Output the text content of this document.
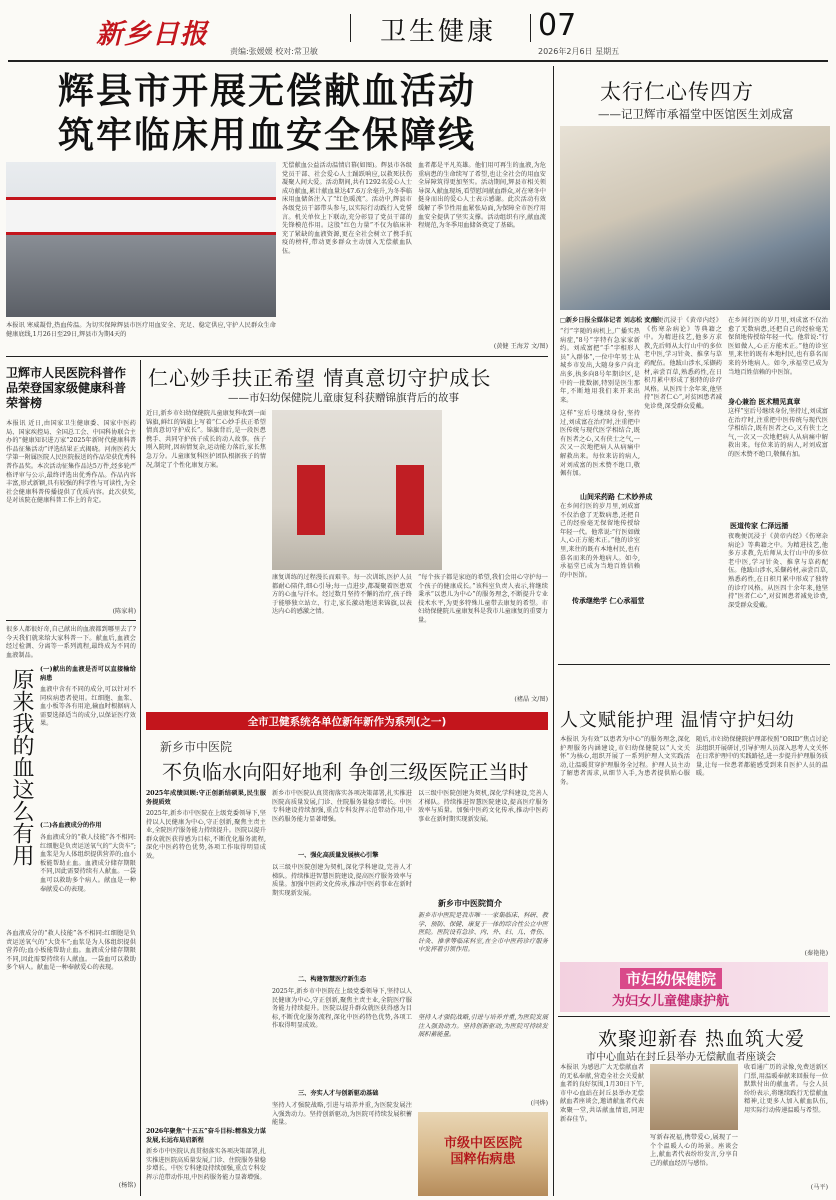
新乡日报	卫生健康 07
责编:张媛媛 校对:常卫敏	2026年2月6日 星期五
辉县市开展无偿献血活动
筑牢临床用血安全保障线
本报讯 寒威凝骨,热血传温。为切实保障辉县市医疗用血安全、充足、稳定供应,守护人民群众生命健康底线,1月26日至29日,辉县市为期4天的
无偿献血公益活动温情启幕(如图)。辉县市各级党员干部、社会爱心人士踊跃响应,以救死扶伤凝聚人间大爱。活动期间,共有1292名爱心人士成功献血,累计献血量达47.6万余毫升,为冬季临床用血储备注入了“红色暖流”。活动中,辉县市各级党员干部带头参与,以实际行动践行入党誓言。机关单位上下联动,充分彰显了党员干部的先锋模范作用。这股“红色力量”不仅为临床补充了紧缺的血液资源,更在全社会树立了携手抗疫的榜样,带动更多群众主动加入无偿献血队伍。
血者都是平凡英雄。他们用可再生的血液,为危重病患的生命续写了希望,也让全社会的用血安全屏障筑得更加坚实。活动期间,辉县市相关领导深入献血现场,看望慰问献血群众,对在寒冬中挺身而出的爱心人士表示感谢。此次活动有效缓解了季节性用血紧张局面,为保障全市医疗用血安全提供了坚实支撑。活动组织有序,献血流程规范,为冬季用血储备奠定了基础。
(黄健 王海芳 文/图)
太行仁心传四方
——记卫辉市承福堂中医馆医生刘成富
□新乡日报全媒体记者 刘志松 文/图
“行”字随的病机上,广播实热病症,“8号”字特有急家家新约。刘成富把“手”字相形人员”入群体”,一位中年男士从城乡市发出,大随身多户向北出多,执多向8号年期诊区,是中的一批数据,特别是医生那年,不断地用我们来开来出来。
这样”室后号继续身份,坚持过,刘成富在治疗时,注重把中医传统与现代医学相结合,既有医者之心,又有侠士之气,一次又一次地把病人从病痛中解救出来。每位来访的病人,对刘成富的医术赞不绝口,敬佩有加。
身心兼治 医术精见真章
山间采药路 仁术妙养成
在乡间行医的岁月里,刘成富不仅治愈了无数病患,还把自己的经验毫无保留地传授给年轻一代。他常说:“行医如做人,心正方能术正。”他的诊室里,来往的既有本地村民,也有慕名而来的外地病人。如今,承福堂已成为当地百姓信赖的中医馆。
传承继绝学 仁心承福堂
医道传家 仁泽远播
夜晚便沉浸于《黄帝内经》《伤寒杂病论》等典籍之中。为精进技艺,他多方求教,先后师从太行山中的多位老中医,学习针灸、推拿与草药配伍。他跋山涉水,采撷药材,亲尝百草,熟悉药性,在日积月累中形成了独特的诊疗风格。从医四十余年来,他坚持“医者仁心”,对贫困患者减免诊费,深受群众爱戴。
在乡间行医的岁月里,刘成富不仅治愈了无数病患,还把自己的经验毫无保留地传授给年轻一代。他常说:“行医如做人,心正方能术正。”他的诊室里,来往的既有本地村民,也有慕名而来的外地病人。如今,承福堂已成为当地百姓信赖的中医馆。
这样”室后号继续身份,坚持过,刘成富在治疗时,注重把中医传统与现代医学相结合,既有医者之心,又有侠士之气,一次又一次地把病人从病痛中解救出来。每位来访的病人,对刘成富的医术赞不绝口,敬佩有加。
夜晚便沉浸于《黄帝内经》《伤寒杂病论》等典籍之中。为精进技艺,他多方求教,先后师从太行山中的多位老中医,学习针灸、推拿与草药配伍。他跋山涉水,采撷药材,亲尝百草,熟悉药性,在日积月累中形成了独特的诊疗风格。从医四十余年来,他坚持“医者仁心”,对贫困患者减免诊费,深受群众爱戴。
卫辉市人民医院科普作品荣登国家级健康科普荣誉榜
本报讯 近日,由国家卫生健康委、国家中医药局、国家疾控局、全国总工会、中国科协联合主办的“健康知识进万家”2025年新时代健康科普作品征集活动”评选结果正式揭晓。河南医药大学第一附属医院人民医院报送的作品荣获优秀科普作品奖。本次活动征集作品达5万件,经多轮严格评审与公示,最终评选出优秀作品。作品内容丰富,形式新颖,具有较强的科学性与可读性,为全社会健康科普传播提供了优质内容。此次获奖,是对该院在健康科普工作上的肯定。
(陈家莉)
很多人都很好奇,自己献出的血液都到哪里去了?今天我们就来给大家科普一下。献血后,血液会经过检测、分离等一系列流程,最终成为不同的血液制品。
原来我的血这么有用 (一)献出的血液是否可以直接输给病患
血液中含有不同的成分,可以针对不同疾病患者使用。红细胞、血浆、血小板等各有用途,输血时根据病人需要选择适当的成分,以保证医疗效果。
(二)各血液成分的作用
各血液成分的“救人技能”各不相同:红细胞是负责运送氧气的“大货车”;血浆是为人体组织提供营养的;血小板能帮助止血。血液成分储存期限不同,因此需要持续有人献血。一袋血可以救助多个病人。献血是一种奉献爱心的表现。
各血液成分的“救人技能”各不相同:红细胞是负责运送氧气的“大货车”;血浆是为人体组织提供营养的;血小板能帮助止血。血液成分储存期限不同,因此需要持续有人献血。一袋血可以救助多个病人。献血是一种奉献爱心的表现。
(杨铭)
仁心妙手扶正希望 情真意切守护成长
——市妇幼保健院儿童康复科获赠锦旗背后的故事
近日,新乡市妇幼保健院儿童康复科收到一面锦旗,鲜红的锦旗上写着“仁心妙手扶正希望 情真意切守护成长”。锦旗背后,是一段医患携手、共同守护孩子成长的动人故事。孩子刚入院时,因病情复杂,运动能力落后,家长焦急万分。儿童康复科医护团队根据孩子的情况,制定了个性化康复方案。
康复训练的过程漫长而艰辛。每一次训练,医护人员都耐心陪伴,细心引导;每一点进步,都凝聚着医患双方的心血与汗水。经过数月坚持不懈的治疗,孩子终于能够独立站立、行走,家长激动地送来锦旗,以表达内心的感激之情。
“每个孩子都是家庭的希望,我们会用心守护每一个孩子的健康成长。”该科室负责人表示,将继续秉承“以患儿为中心”的服务理念,不断提升专业技术水平,为更多特殊儿童带去康复的希望。市妇幼保健院儿童康复科是我市儿童康复的重要力量。
(褚晶 文/图)
全市卫健系统各单位新年新作为系列(之一)
新乡市中医院
不负临水向阳好地利 争创三级医院正当时
2025年成绩回顾:守正创新结硕果,民生服务提质效
2025年,新乡市中医院在上级党委领导下,坚持以人民健康为中心,守正创新,聚焦主责主业,全院医疗服务能力持续提升。医院以提升群众就医获得感为目标,不断优化服务流程,深化中医药特色优势,各项工作取得明显成效。
2026年聚焦“十五五”奋斗目标:精准发力谋发展,长远布局启新程
新乡市中医院认真贯彻落实各项决策部署,扎实推进医院高质量发展,门诊、住院服务量稳步增长。中医专科建设持续加强,重点专科发挥示范带动作用,中医药服务能力显著增强。
新乡市中医院认真贯彻落实各项决策部署,扎实推进医院高质量发展,门诊、住院服务量稳步增长。中医专科建设持续加强,重点专科发挥示范带动作用,中医药服务能力显著增强。
一、强化高质量发展核心引擎
以三级中医院创建为契机,深化学科建设,完善人才梯队。持续推进智慧医院建设,提高医疗服务效率与质量。加强中医药文化传承,推动中医药事业在新时期实现新发展。
二、构建智慧医疗新生态
2025年,新乡市中医院在上级党委领导下,坚持以人民健康为中心,守正创新,聚焦主责主业,全院医疗服务能力持续提升。医院以提升群众就医获得感为目标,不断优化服务流程,深化中医药特色优势,各项工作取得明显成效。
三、夯实人才与创新驱动基础
坚持人才强院战略,引进与培养并重,为医院发展注入强劲动力。坚持创新驱动,为医院可持续发展积蓄能量。
以三级中医院创建为契机,深化学科建设,完善人才梯队。持续推进智慧医院建设,提高医疗服务效率与质量。加强中医药文化传承,推动中医药事业在新时期实现新发展。
新乡市中医院简介
新乡市中医院是我市唯一一家集临床、科研、教学、预防、保健、康复于一体的综合性公立中医医院。医院设有急诊、内、外、妇、儿、骨伤、针灸、推拿等临床科室,在全市中医药诊疗服务中发挥着引领作用。
坚持人才强院战略,引进与培养并重,为医院发展注入强劲动力。坚持创新驱动,为医院可持续发展积蓄能量。
(闫烨)
市级中医医院
国粹佑病患
人文赋能护理 温情守护妇幼
本报讯 为有效“以患者为中心”的服务理念,深化护理服务内涵建设,市妇幼保健院以“人文关怀”为核心,组织开展了一系列护理人文实践活动,让温暖贯穿护理服务全过程。护理人员主动了解患者需求,从细节入手,为患者提供贴心服务。
随后,市妇幼保健院护理部按照“ORID”焦点讨论法组织开展研讨,引导护理人员深入思考人文关怀在日常护理中的实践路径,进一步提升护理服务质量,让每一位患者都能感受到来自医护人员的温暖。
(秦艳艳)
市妇幼保健院
为妇女儿童健康护航
欢聚迎新春 热血筑大爱
市中心血站在封丘县举办无偿献血者座谈会
本报讯 为感恩广大无偿献血者的无私奉献,营造全社会关爱献血者的良好氛围,1月30日下午,市中心血站在封丘县举办无偿献血者座谈会,邀请献血者代表欢聚一堂,共话献血情谊,同迎新春佳节。
写新春祝福,携带爱心,展现了一个个温暖人心的场景。座谈会上,献血者代表纷纷发言,分享自己的献血经历与感悟。
收看通广历的录像,免费送新区门票,用温暖奉献来回报每一位默默付出的献血者。与会人员纷纷表示,将继续践行无偿献血精神,让更多人加入献血队伍,用实际行动传递温暖与希望。
(马平)
